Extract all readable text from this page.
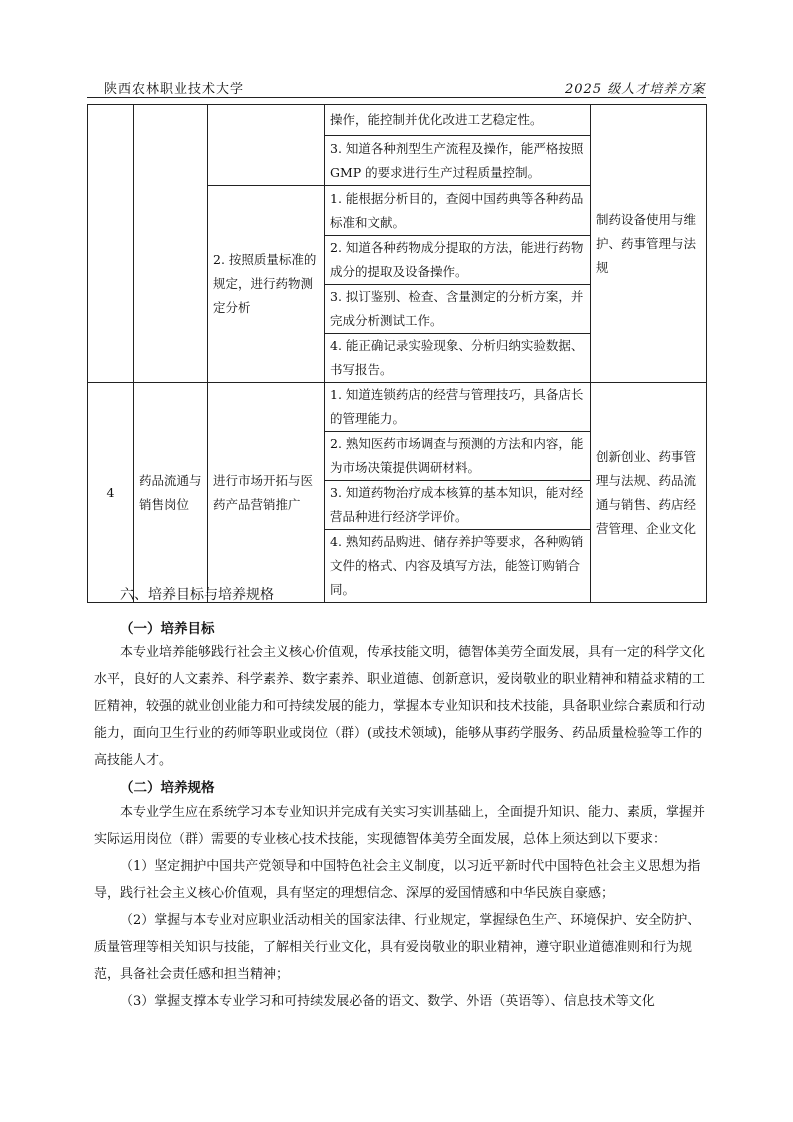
陕西农林职业技术大学	2025 级人才培养方案
			操作，能控制并优化改进工艺稳定性。	制药设备使用与维护、药事管理与法规
			3. 知道各种剂型生产流程及操作，能严格按照 GMP 的要求进行生产过程质量控制。	
		2. 按照质量标准的规定，进行药物测定分析	1. 能根据分析目的，查阅中国药典等各种药品标准和文献。	
			2. 知道各种药物成分提取的方法，能进行药物成分的提取及设备操作。	
			3. 拟订鉴别、检查、含量测定的分析方案，并完成分析测试工作。	
			4. 能正确记录实验现象、分析归纳实验数据、书写报告。	
4	药品流通与销售岗位	进行市场开拓与医药产品营销推广	1. 知道连锁药店的经营与管理技巧，具备店长的管理能力。	创新创业、药事管理与法规、药品流通与销售、药店经营管理、企业文化
			2. 熟知医药市场调查与预测的方法和内容，能为市场决策提供调研材料。	
			3. 知道药物治疗成本核算的基本知识，能对经营品种进行经济学评价。	
			4. 熟知药品购进、储存养护等要求，各种购销文件的格式、内容及填写方法，能签订购销合同。	
六、培养目标与培养规格
（一）培养目标

本专业培养能够践行社会主义核心价值观，传承技能文明，德智体美劳全面发展，具有一定的科学文化水平，良好的人文素养、科学素养、数字素养、职业道德、创新意识，爱岗敬业的职业精神和精益求精的工匠精神，较强的就业创业能力和可持续发展的能力，掌握本专业知识和技术技能，具备职业综合素质和行动能力，面向卫生行业的药师等职业或岗位（群）(或技术领域)，能够从事药学服务、药品质量检验等工作的高技能人才。

（二）培养规格

本专业学生应在系统学习本专业知识并完成有关实习实训基础上，全面提升知识、能力、素质，掌握并实际运用岗位（群）需要的专业核心技术技能，实现德智体美劳全面发展，总体上须达到以下要求：

（1）坚定拥护中国共产党领导和中国特色社会主义制度，以习近平新时代中国特色社会主义思想为指导，践行社会主义核心价值观，具有坚定的理想信念、深厚的爱国情感和中华民族自豪感；

（2）掌握与本专业对应职业活动相关的国家法律、行业规定，掌握绿色生产、环境保护、安全防护、质量管理等相关知识与技能，了解相关行业文化，具有爱岗敬业的职业精神，遵守职业道德准则和行为规范，具备社会责任感和担当精神；

（3）掌握支撑本专业学习和可持续发展必备的语文、数学、外语（英语等）、信息技术等文化
